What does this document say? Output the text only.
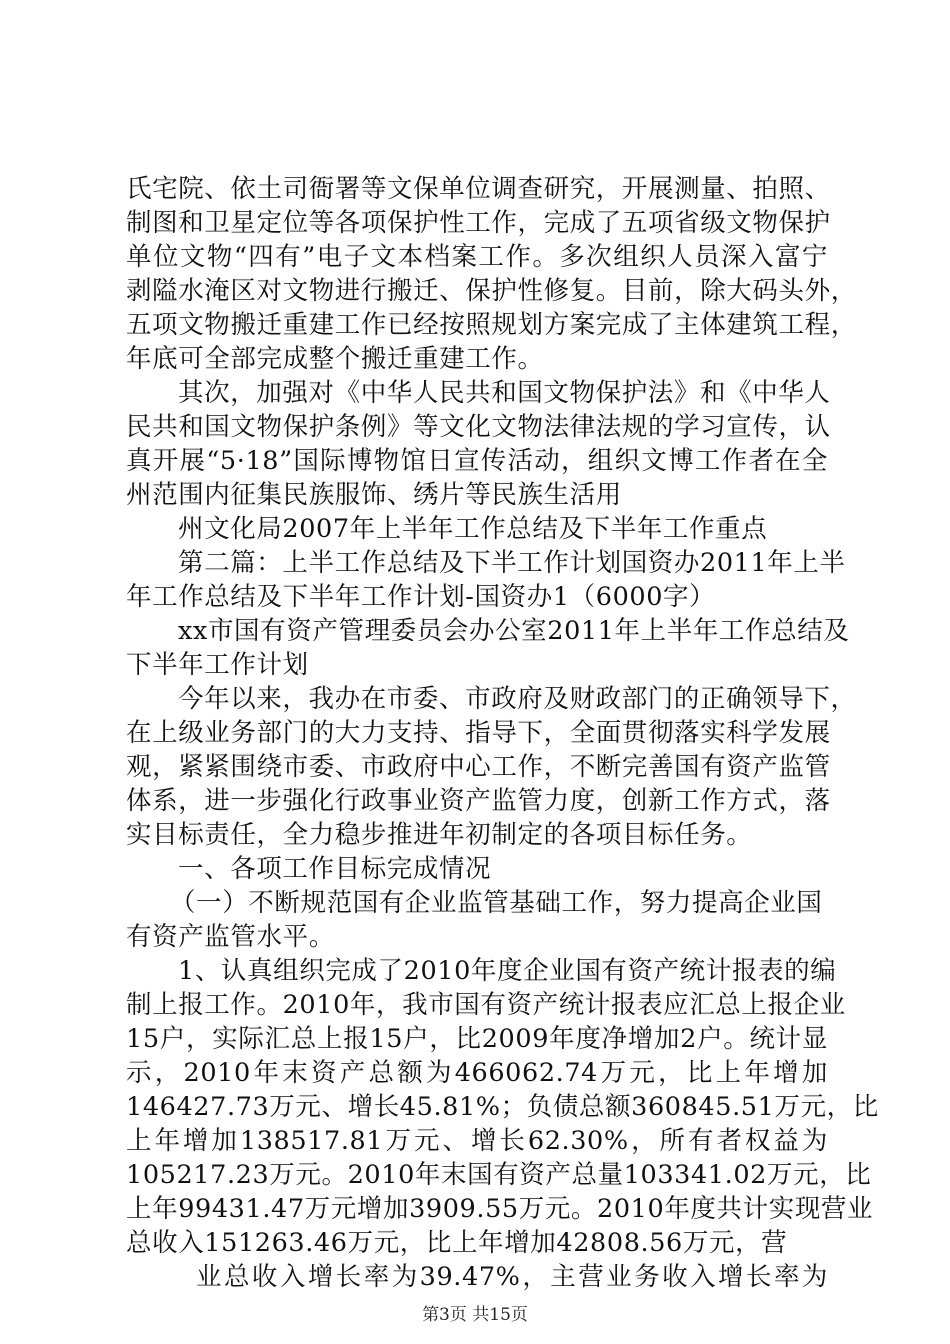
氏宅院、依土司衙署等文保单位调查研究，开展测量、拍照、
制图和卫星定位等各项保护性工作，完成了五项省级文物保护
单位文物“四有”电子文本档案工作。多次组织人员深入富宁
剥隘水淹区对文物进行搬迁、保护性修复。目前，除大码头外，
五项文物搬迁重建工作已经按照规划方案完成了主体建筑工程，
年底可全部完成整个搬迁重建工作。
其次，加强对《中华人民共和国文物保护法》和《中华人
民共和国文物保护条例》等文化文物法律法规的学习宣传，认
真开展“5·18”国际博物馆日宣传活动，组织文博工作者在全
州范围内征集民族服饰、绣片等民族生活用
州文化局2007年上半年工作总结及下半年工作重点
第二篇：上半工作总结及下半工作计划国资办2011年上半
年工作总结及下半年工作计划-国资办1（6000字）
xx市国有资产管理委员会办公室2011年上半年工作总结及
下半年工作计划
今年以来，我办在市委、市政府及财政部门的正确领导下，
在上级业务部门的大力支持、指导下，全面贯彻落实科学发展
观，紧紧围绕市委、市政府中心工作，不断完善国有资产监管
体系，进一步强化行政事业资产监管力度，创新工作方式，落
实目标责任，全力稳步推进年初制定的各项目标任务。
一、各项工作目标完成情况
（一）不断规范国有企业监管基础工作，努力提高企业国
有资产监管水平。
1、认真组织完成了2010年度企业国有资产统计报表的编
制上报工作。2010年，我市国有资产统计报表应汇总上报企业
15户，实际汇总上报15户，比2009年度净增加2户。统计显
示，2010年末资产总额为466062.74万元，比上年增加
146427.73万元、增长45.81%；负债总额360845.51万元，比
上年增加138517.81万元、增长62.30%，所有者权益为
105217.23万元。2010年末国有资产总量103341.02万元，比
上年99431.47万元增加3909.55万元。2010年度共计实现营业
总收入151263.46万元，比上年增加42808.56万元，营
业总收入增长率为39.47%，主营业务收入增长率为
第3页 共15页
